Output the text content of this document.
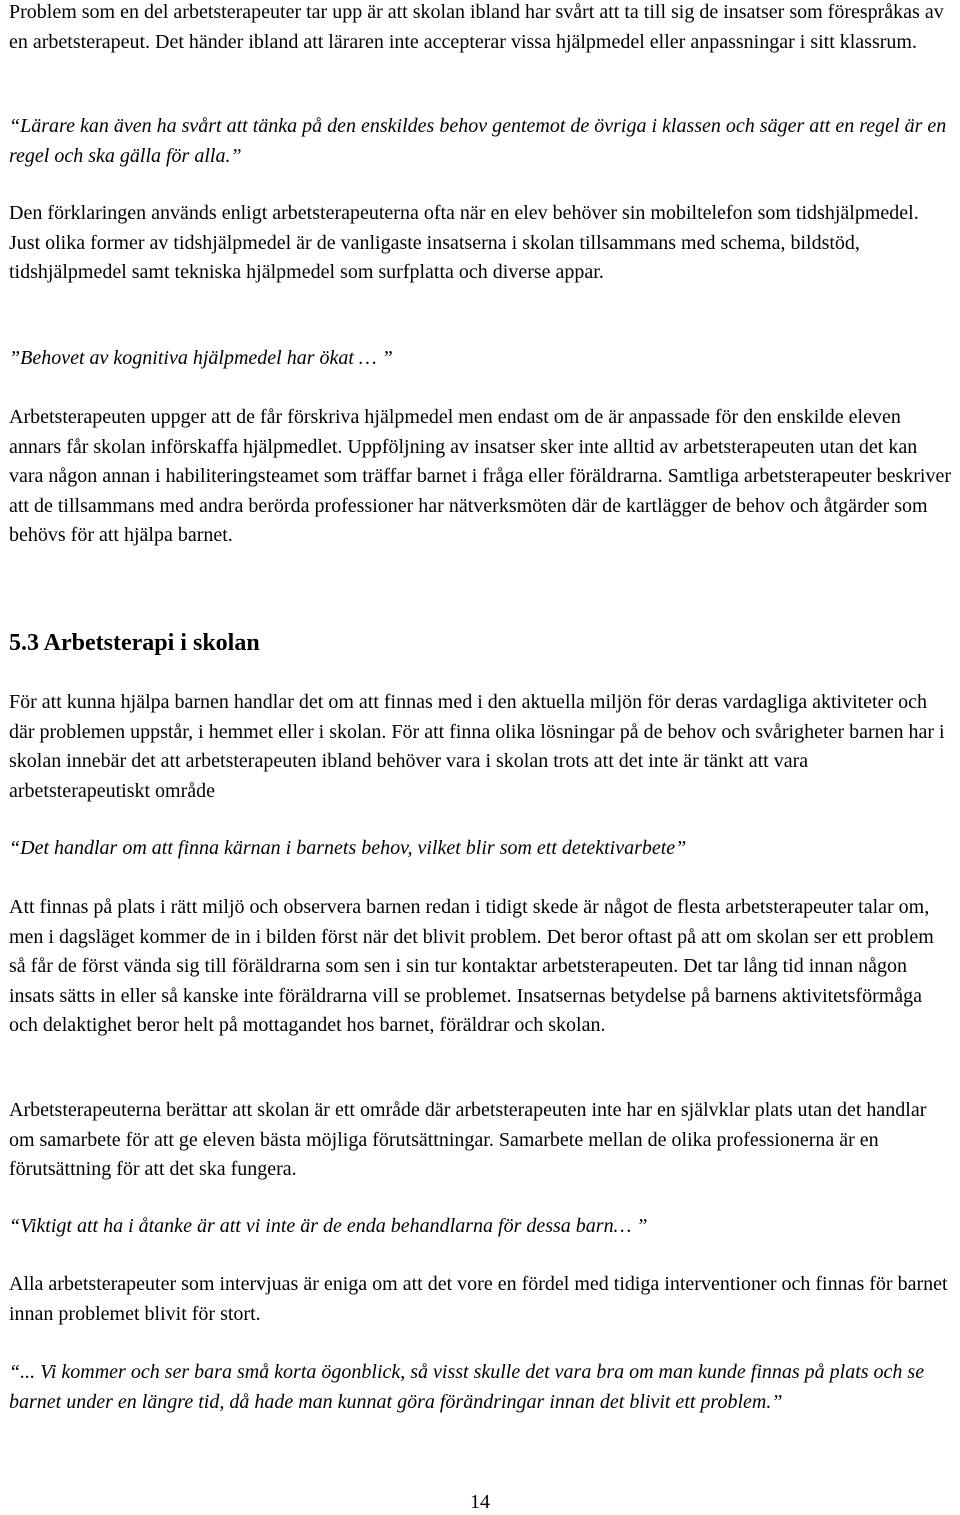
Problem som en del arbetsterapeuter tar upp är att skolan ibland har svårt att ta till sig de insatser som förespråkas av en arbetsterapeut. Det händer ibland att läraren inte accepterar vissa hjälpmedel eller anpassningar i sitt klassrum.

“Lärare kan även ha svårt att tänka på den enskildes behov gentemot de övriga i klassen och säger att en regel är en regel och ska gälla för alla.”

Den förklaringen används enligt arbetsterapeuterna ofta när en elev behöver sin mobiltelefon som tidshjälpmedel. Just olika former av tidshjälpmedel är de vanligaste insatserna i skolan tillsammans med schema, bildstöd, tidshjälpmedel samt tekniska hjälpmedel som surfplatta och diverse appar.

”Behovet av kognitiva hjälpmedel har ökat … ”

Arbetsterapeuten uppger att de får förskriva hjälpmedel men endast om de är anpassade för den enskilde eleven annars får skolan införskaffa hjälpmedlet. Uppföljning av insatser sker inte alltid av arbetsterapeuten utan det kan vara någon annan i habiliteringsteamet som träffar barnet i fråga eller föräldrarna. Samtliga arbetsterapeuter beskriver att de tillsammans med andra berörda professioner har nätverksmöten där de kartlägger de behov och åtgärder som behövs för att hjälpa barnet.

5.3 Arbetsterapi i skolan

För att kunna hjälpa barnen handlar det om att finnas med i den aktuella miljön för deras vardagliga aktiviteter och där problemen uppstår, i hemmet eller i skolan. För att finna olika lösningar på de behov och svårigheter barnen har i skolan innebär det att arbetsterapeuten ibland behöver vara i skolan trots att det inte är tänkt att vara arbetsterapeutiskt område

“Det handlar om att finna kärnan i barnets behov, vilket blir som ett detektivarbete”

Att finnas på plats i rätt miljö och observera barnen redan i tidigt skede är något de flesta arbetsterapeuter talar om, men i dagsläget kommer de in i bilden först när det blivit problem. Det beror oftast på att om skolan ser ett problem så får de först vända sig till föräldrarna som sen i sin tur kontaktar arbetsterapeuten. Det tar lång tid innan någon insats sätts in eller så kanske inte föräldrarna vill se problemet. Insatsernas betydelse på barnens aktivitetsförmåga och delaktighet beror helt på mottagandet hos barnet, föräldrar och skolan.

Arbetsterapeuterna berättar att skolan är ett område där arbetsterapeuten inte har en självklar plats utan det handlar om samarbete för att ge eleven bästa möjliga förutsättningar. Samarbete mellan de olika professionerna är en förutsättning för att det ska fungera.

“Viktigt att ha i åtanke är att vi inte är de enda behandlarna för dessa barn… ”

Alla arbetsterapeuter som intervjuas är eniga om att det vore en fördel med tidiga interventioner och finnas för barnet innan problemet blivit för stort.

“... Vi kommer och ser bara små korta ögonblick, så visst skulle det vara bra om man kunde finnas på plats och se barnet under en längre tid, då hade man kunnat göra förändringar innan det blivit ett problem.”

14
